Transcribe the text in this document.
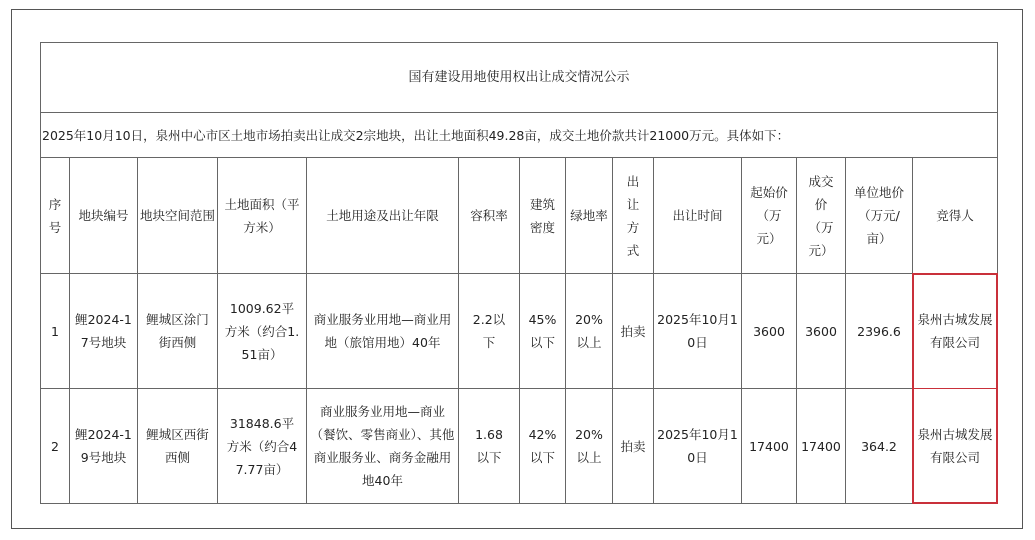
国有建设用地使用权出让成交情况公示													
2025年10月10日，泉州中心市区土地市场拍卖出让成交2宗地块，出让土地面积49.28亩，成交土地价款共计21000万元。具体如下：													
序号	地块编号	地块空间范围	土地面积（平方米）	土地用途及出让年限	容积率	建筑密度	绿地率	出让方式	出让时间	起始价（万元）	成交价（万元）	单位地价（万元/亩）	竞得人
1	鲤2024-17号地块	鲤城区涂门街西侧	1009.62平方米（约合1.51亩）	商业服务业用地—商业用地（旅馆用地）40年	2.2以下	45%以下	20%以上	拍卖	2025年10月10日	3600	3600	2396.6	泉州古城发展有限公司

2	鲤2024-19号地块	鲤城区西街西侧	31848.6平方米（约合47.77亩）	商业服务业用地—商业（餐饮、零售商业）、其他商业服务业、商务金融用地40年	1.68以下	42%以下	20%以上	拍卖	2025年10月10日	17400	17400	364.2	泉州古城发展有限公司
